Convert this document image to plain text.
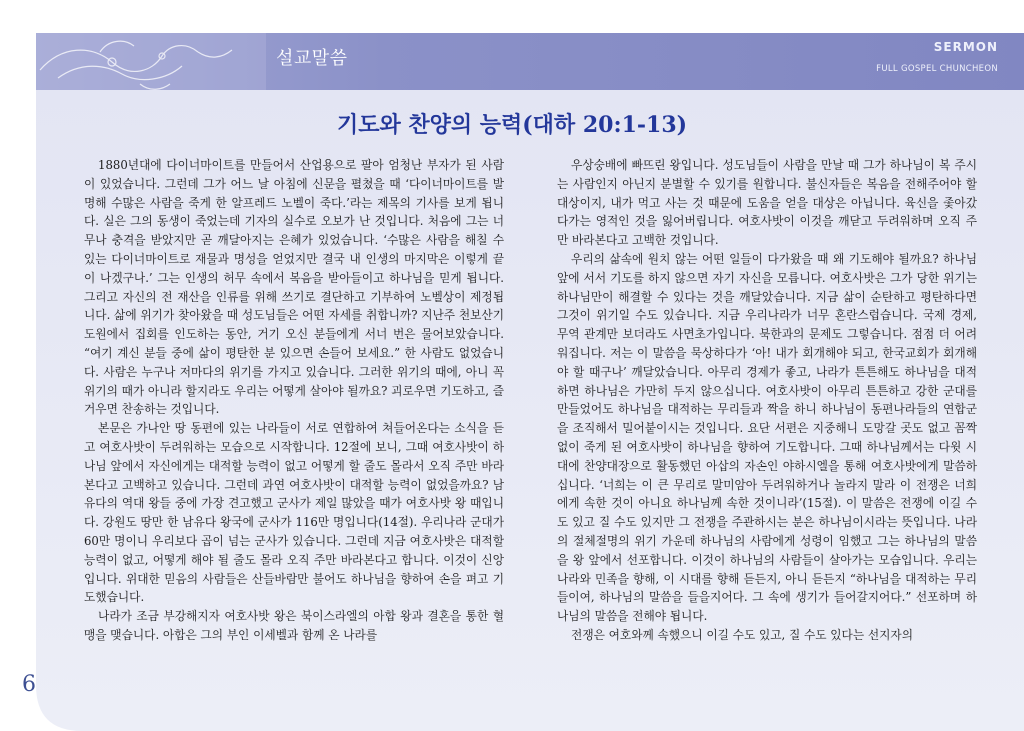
설교말씀
SERMON
FULL GOSPEL CHUNCHEON
기도와 찬양의 능력(대하 20:1-13)

1880년대에 다이너마이트를 만들어서 산업용으로 팔아 엄청난 부자가 된 사람이 있었습니다. 그런데 그가 어느 날 아침에 신문을 펼쳤을 때 ‘다이너마이트를 발명해 수많은 사람을 죽게 한 알프레드 노벨이 죽다.’라는 제목의 기사를 보게 됩니다. 실은 그의 동생이 죽었는데 기자의 실수로 오보가 난 것입니다. 처음에 그는 너무나 충격을 받았지만 곧 깨달아지는 은혜가 있었습니다. ‘수많은 사람을 해칠 수 있는 다이너마이트로 재물과 명성을 얻었지만 결국 내 인생의 마지막은 이렇게 끝이 나겠구나.’ 그는 인생의 허무 속에서 복음을 받아들이고 하나님을 믿게 됩니다. 그리고 자신의 전 재산을 인류를 위해 쓰기로 결단하고 기부하여 노벨상이 제정됩니다. 삶에 위기가 찾아왔을 때 성도님들은 어떤 자세를 취합니까? 지난주 천보산기도원에서 집회를 인도하는 동안, 거기 오신 분들에게 서너 번은 물어보았습니다. “여기 계신 분들 중에 삶이 평탄한 분 있으면 손들어 보세요.” 한 사람도 없었습니다. 사람은 누구나 저마다의 위기를 가지고 있습니다. 그러한 위기의 때에, 아니 꼭 위기의 때가 아니라 할지라도 우리는 어떻게 살아야 될까요? 괴로우면 기도하고, 즐거우면 찬송하는 것입니다.

본문은 가나안 땅 동편에 있는 나라들이 서로 연합하여 쳐들어온다는 소식을 듣고 여호사밧이 두려워하는 모습으로 시작합니다. 12절에 보니, 그때 여호사밧이 하나님 앞에서 자신에게는 대적할 능력이 없고 어떻게 할 줄도 몰라서 오직 주만 바라본다고 고백하고 있습니다. 그런데 과연 여호사밧이 대적할 능력이 없었을까요? 남유다의 역대 왕들 중에 가장 견고했고 군사가 제일 많았을 때가 여호사밧 왕 때입니다. 강원도 땅만 한 남유다 왕국에 군사가 116만 명입니다(14절). 우리나라 군대가 60만 명이니 우리보다 곱이 넘는 군사가 있습니다. 그런데 지금 여호사밧은 대적할 능력이 없고, 어떻게 해야 될 줄도 몰라 오직 주만 바라본다고 합니다. 이것이 신앙입니다. 위대한 믿음의 사람들은 산들바람만 불어도 하나님을 향하여 손을 펴고 기도했습니다.

나라가 조금 부강해지자 여호사밧 왕은 북이스라엘의 아합 왕과 결혼을 통한 혈맹을 맺습니다. 아합은 그의 부인 이세벨과 함께 온 나라를

우상숭배에 빠뜨린 왕입니다. 성도님들이 사람을 만날 때 그가 하나님이 복 주시는 사람인지 아닌지 분별할 수 있기를 원합니다. 불신자들은 복음을 전해주어야 할 대상이지, 내가 먹고 사는 것 때문에 도움을 얻을 대상은 아닙니다. 육신을 좇아갔다가는 영적인 것을 잃어버립니다. 여호사밧이 이것을 깨닫고 두려워하며 오직 주만 바라본다고 고백한 것입니다.

우리의 삶속에 원치 않는 어떤 일들이 다가왔을 때 왜 기도해야 될까요? 하나님 앞에 서서 기도를 하지 않으면 자기 자신을 모릅니다. 여호사밧은 그가 당한 위기는 하나님만이 해결할 수 있다는 것을 깨달았습니다. 지금 삶이 순탄하고 평탄하다면 그것이 위기일 수도 있습니다. 지금 우리나라가 너무 혼란스럽습니다. 국제 경제, 무역 관계만 보더라도 사면초가입니다. 북한과의 문제도 그렇습니다. 점점 더 어려워집니다. 저는 이 말씀을 묵상하다가 ‘아! 내가 회개해야 되고, 한국교회가 회개해야 할 때구나’ 깨달았습니다. 아무리 경제가 좋고, 나라가 튼튼해도 하나님을 대적하면 하나님은 가만히 두지 않으십니다. 여호사밧이 아무리 튼튼하고 강한 군대를 만들었어도 하나님을 대적하는 무리들과 짝을 하니 하나님이 동편나라들의 연합군을 조직해서 밀어붙이시는 것입니다. 요단 서편은 지중해니 도망갈 곳도 없고 꼼짝없이 죽게 된 여호사밧이 하나님을 향하여 기도합니다. 그때 하나님께서는 다윗 시대에 찬양대장으로 활동했던 아삽의 자손인 야하시엘을 통해 여호사밧에게 말씀하십니다. ‘너희는 이 큰 무리로 말미암아 두려워하거나 놀라지 말라 이 전쟁은 너희에게 속한 것이 아니요 하나님께 속한 것이니라’(15절). 이 말씀은 전쟁에 이길 수도 있고 질 수도 있지만 그 전쟁을 주관하시는 분은 하나님이시라는 뜻입니다. 나라의 절체절명의 위기 가운데 하나님의 사람에게 성령이 임했고 그는 하나님의 말씀을 왕 앞에서 선포합니다. 이것이 하나님의 사람들이 살아가는 모습입니다. 우리는 나라와 민족을 향해, 이 시대를 향해 듣든지, 아니 듣든지 “하나님을 대적하는 무리들이여, 하나님의 말씀을 들을지어다. 그 속에 생기가 들어갈지어다.” 선포하며 하나님의 말씀을 전해야 됩니다.

전쟁은 여호와께 속했으니 이길 수도 있고, 질 수도 있다는 선지자의

6
